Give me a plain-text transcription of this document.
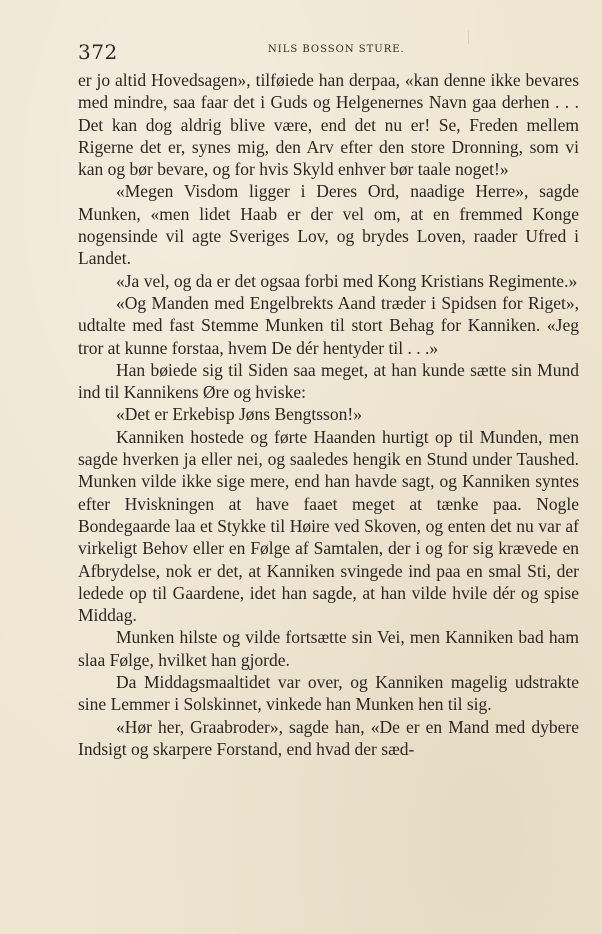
372	NILS BOSSON STURE.

er jo altid Hovedsagen», tilføiede han derpaa, «kan denne ikke bevares med mindre, saa faar det i Guds og Helgenernes Navn gaa derhen . . . Det kan dog aldrig blive være, end det nu er! Se, Freden mellem Rigerne det er, synes mig, den Arv efter den store Dronning, som vi kan og bør bevare, og for hvis Skyld enhver bør taale noget!»

«Megen Visdom ligger i Deres Ord, naadige Herre», sagde Munken, «men lidet Haab er der vel om, at en fremmed Konge nogensinde vil agte Sveriges Lov, og brydes Loven, raader Ufred i Landet.

«Ja vel, og da er det ogsaa forbi med Kong Kristians Regimente.»

«Og Manden med Engelbrekts Aand træder i Spidsen for Riget», udtalte med fast Stemme Munken til stort Behag for Kanniken. «Jeg tror at kunne forstaa, hvem De dér hentyder til . . .»

Han bøiede sig til Siden saa meget, at han kunde sætte sin Mund ind til Kannikens Øre og hviske:

«Det er Erkebisp Jøns Bengtsson!»

Kanniken hostede og førte Haanden hurtigt op til Munden, men sagde hverken ja eller nei, og saaledes hengik en Stund under Taushed. Munken vilde ikke sige mere, end han havde sagt, og Kanniken syntes efter Hviskningen at have faaet meget at tænke paa. Nogle Bondegaarde laa et Stykke til Høire ved Skoven, og enten det nu var af virkeligt Behov eller en Følge af Samtalen, der i og for sig krævede en Afbrydelse, nok er det, at Kanniken svingede ind paa en smal Sti, der ledede op til Gaardene, idet han sagde, at han vilde hvile dér og spise Middag.

Munken hilste og vilde fortsætte sin Vei, men Kanniken bad ham slaa Følge, hvilket han gjorde.

Da Middagsmaaltidet var over, og Kanniken magelig udstrakte sine Lemmer i Solskinnet, vinkede han Munken hen til sig.

«Hør her, Graabroder», sagde han, «De er en Mand med dybere Indsigt og skarpere Forstand, end hvad der sæd-
